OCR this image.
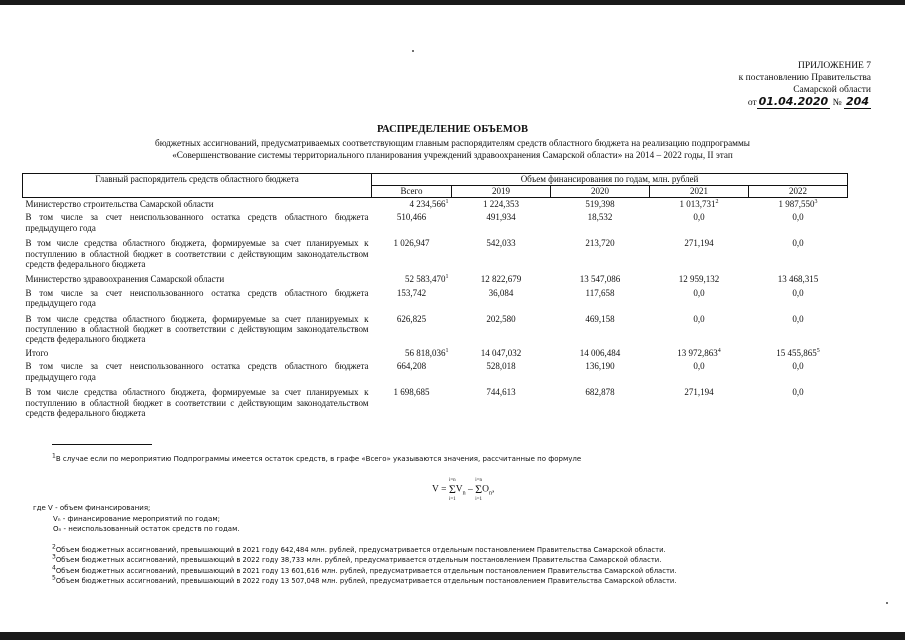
ПРИЛОЖЕНИЕ 7
к постановлению Правительства
Самарской области
от 01.04.2020 № 204
РАСПРЕДЕЛЕНИЕ ОБЪЕМОВ
бюджетных ассигнований, предусматриваемых соответствующим главным распорядителям средств областного бюджета на реализацию подпрограммы
«Совершенствование системы территориального планирования учреждений здравоохранения Самарской области» на 2014 – 2022 годы, II этап
Главный распорядитель средств областного бюджета	Объем финансирования по годам, млн. рублей				
	Всего	2019	2020	2021	2022
Министерство строительства Самарской области	4 234,566$^1$	1 224,353	519,398	1 013,731$^2$	1 987,550$^3$
В том числе за счет неиспользованного остатка средств областного бюджета предыдущего года	510,466	491,934	18,532	0,0	0,0
В том числе средства областного бюджета, формируемые за счет планируемых к поступлению в областной бюджет в соответствии с действующим законодательством средств федерального бюджета	1 026,947	542,033	213,720	271,194	0,0
Министерство здравоохранения Самарской области	52 583,470$^1$	12 822,679	13 547,086	12 959,132	13 468,315
В том числе за счет неиспользованного остатка средств областного бюджета предыдущего года	153,742	36,084	117,658	0,0	0,0
В том числе средства областного бюджета, формируемые за счет планируемых к поступлению в областной бюджет в соответствии с действующим законодательством средств федерального бюджета	626,825	202,580	469,158	0,0	0,0
Итого	56 818,036$^1$	14 047,032	14 006,484	13 972,863$^4$	15 455,865$^5$
В том числе за счет неиспользованного остатка средств областного бюджета предыдущего года	664,208	528,018	136,190	0,0	0,0
В том числе средства областного бюджета, формируемые за счет планируемых к поступлению в областной бюджет в соответствии с действующим законодательством средств федерального бюджета	1 698,685	744,613	682,878	271,194	0,0
$^1$В случае если по мероприятию Подпрограммы имеется остаток средств, в графе «Всего» указываются значения, рассчитанные по формуле
V = i=n
Σ
$i=1V_n - i=n$
Σ
$i=1O_n$,
где V - объем финансирования;
Vₙ - финансирование мероприятий по годам;
Oₙ - неиспользованный остаток средств по годам.
$^2$Объем бюджетных ассигнований, превышающий в 2021 году 642,484 млн. рублей, предусматривается отдельным постановлением Правительства Самарской области.
$^3$Объем бюджетных ассигнований, превышающий в 2022 году 38,733 млн. рублей, предусматривается отдельным постановлением Правительства Самарской области.
$^4$Объем бюджетных ассигнований, превышающий в 2021 году 13 601,616 млн. рублей, предусматривается отдельным постановлением Правительства Самарской области.
$^5$Объем бюджетных ассигнований, превышающий в 2022 году 13 507,048 млн. рублей, предусматривается отдельным постановлением Правительства Самарской области.
